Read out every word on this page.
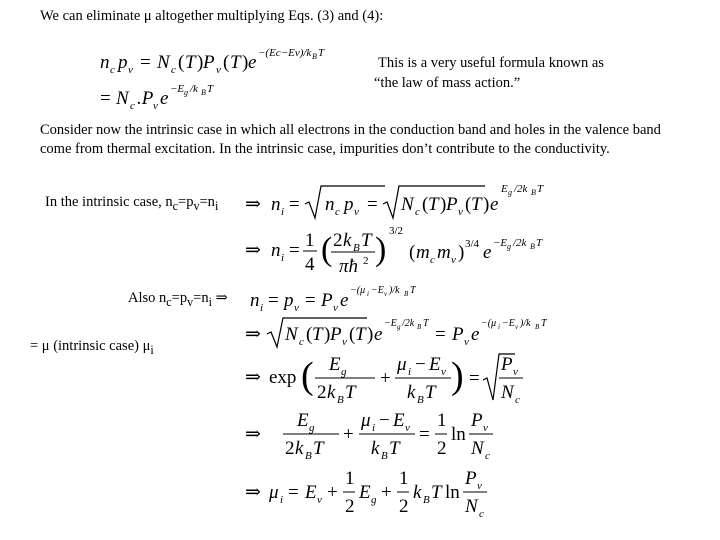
We can eliminate μ altogether multiplying Eqs. (3) and (4):
n c p v = N c ( T ) P v ( T ) e −(Ec−Ev)/k B T
= N c .P v e −E g /k B T
This is a very useful formula known as
“the law of mass action.”
Consider now the intrinsic case in which all electrons in the conduction band and holes in the valence band come from thermal excitation. In the intrinsic case, impurities don’t contribute to the conductivity.
In the intrinsic case, $n_c=p_v=n_i$ ⇒ n i = n c p v = N c ( T ) P v ( T ) e
E g /2k B T
⇒ n i = 1
4 ( 2 k B T
πħ 2 ) 3/2
( m c m v ) 3/4 e −E g /2k B T
Also $n_c=p_v=n_i$ ⇒ n i = p v = P v e −(μ i −E v )/k B T
= μ (intrinsic case) $\mu_i$
⇒ N c ( T ) P v ( T ) e
−E g /2k B T
= P v e
−(μ i −E v )/k B T
⇒ exp ( E g
2 k B T
+
μ i − E v
k B T ) =
P v
N c
⇒
E g
2 k B T
+
μ i − E v
k B T
=
1
2
ln
P v
N c
⇒ μ i = E v +
1
2
E g +
1
2
k B T ln
P v
N c
